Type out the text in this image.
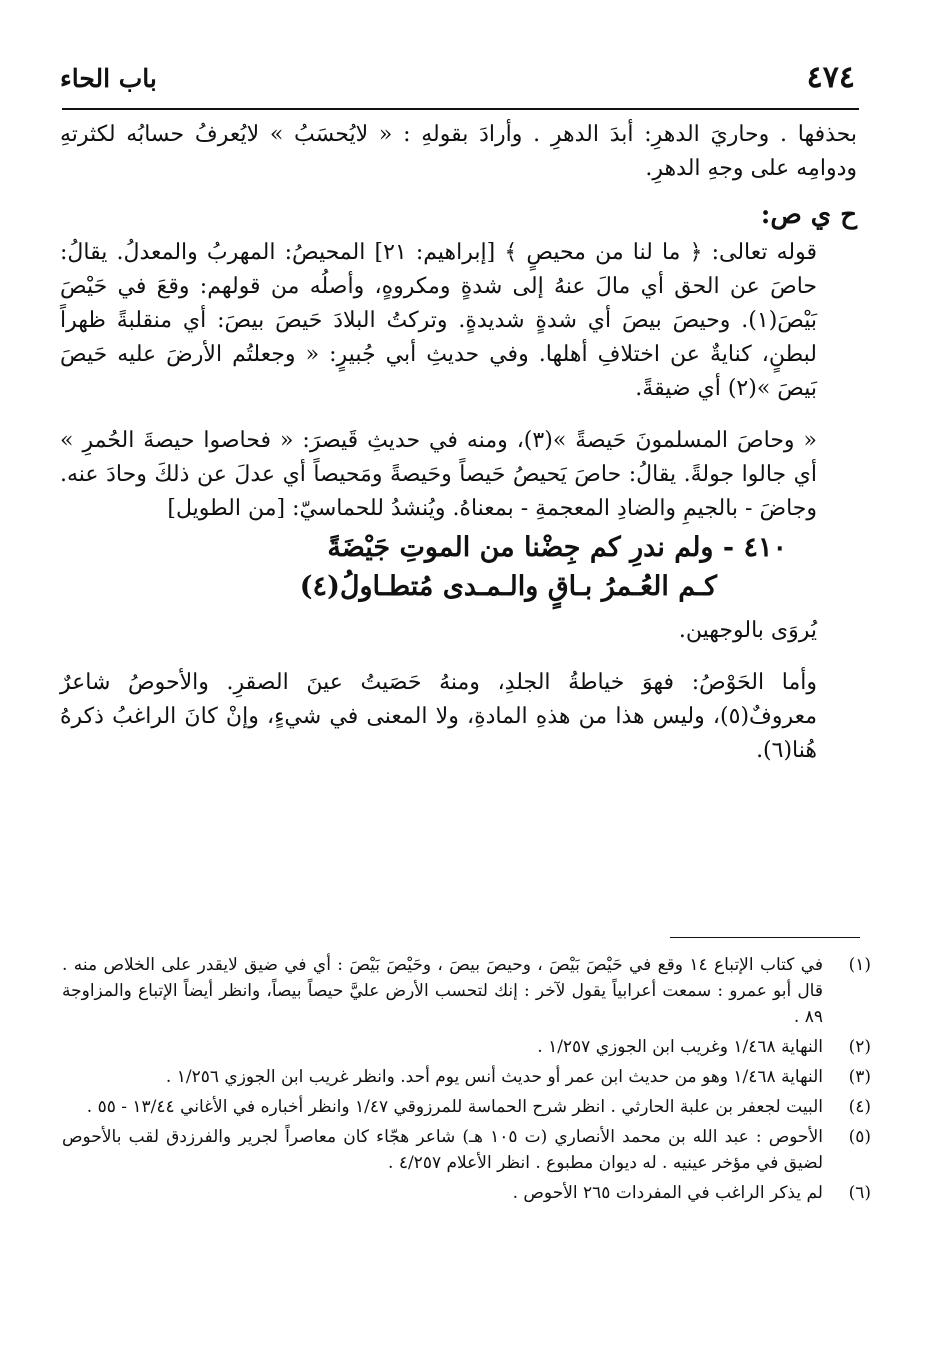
٤٧٤
باب الحاء

بحذفها . وحاريَ الدهرِ: أبدَ الدهرِ . وأرادَ بقولهِ : « لايُحسَبُ » لايُعرفُ حسابُه لكثرتهِ ودوامِه على وجهِ الدهرِ.

ح ي ص:

قوله تعالى: ﴿ ما لنا من محيصٍ ﴾ [إبراهيم: ٢١] المحيصُ: المهربُ والمعدلُ. يقالُ: حاصَ عن الحق أي مالَ عنهُ إلى شدةٍ ومكروهٍ، وأصلُه من قولهم: وقعَ في حَيْصَ بَيْصَ(١). وحيصَ بيصَ أي شدةٍ شديدةٍ. وتركتُ البلادَ حَيصَ بيصَ: أي منقلبةً ظهراً لبطنٍ، كنايةٌ عن اختلافِ أهلها. وفي حديثِ أبي جُبيرٍ: « وجعلتُم الأرضَ عليه حَيصَ بَيصَ »(٢) أي ضيقةً.

« وحاصَ المسلمونَ حَيصةً »(٣)، ومنه في حديثِ قَيصرَ: « فحاصوا حيصةَ الحُمرِ » أي جالوا جولةً. يقالُ: حاصَ يَحيصُ حَيصاً وحَيصةً ومَحيصاً أي عدلَ عن ذلكَ وحادَ عنه. وجاضَ - بالجيمِ والضادِ المعجمةِ - بمعناهُ. ويُنشدُ للحماسيّ: [من الطويل]

٤١٠ - ولم ندرِ كم جِضْنا من الموتِ جَيْضَةً
كـم العُـمرُ بـاقٍ والـمـدى مُتطـاولُ(٤)

يُروَى بالوجهين.

وأما الحَوْصُ: فهوَ خياطةُ الجلدِ، ومنهُ حَصَيتُ عينَ الصقرِ. والأحوصُ شاعرٌ معروفٌ(٥)، وليس هذا من هذهِ المادةِ، ولا المعنى في شيءٍ، وإنْ كانَ الراغبُ ذكرهُ هُنا(٦).

(١)
في كتاب الإتباع ١٤ وقع في حَيْصَ بَيْصَ ، وحيصَ بيصَ ، وحَيْصَ بَيْصَ : أي في ضيق لايقدر على الخلاص منه . قال أبو عمرو : سمعت أعرابياً يقول لآخر : إنك لتحسب الأرض عليَّ حيصاً بيصاً، وانظر أيضاً الإتباع والمزاوجة ٨٩ .
(٢)
النهاية ١/٤٦٨ وغريب ابن الجوزي ١/٢٥٧ .
(٣)
النهاية ١/٤٦٨ وهو من حديث ابن عمر أو حديث أنس يوم أحد. وانظر غريب ابن الجوزي ١/٢٥٦ .
(٤)
البيت لجعفر بن علبة الحارثي . انظر شرح الحماسة للمرزوقي ١/٤٧ وانظر أخباره في الأغاني ١٣/٤٤ - ٥٥ .
(٥)
الأحوص : عبد الله بن محمد الأنصاري (ت ١٠٥ هـ) شاعر هجّاء كان معاصراً لجرير والفرزدق لقب بالأحوص لضيق في مؤخر عينيه . له ديوان مطبوع . انظر الأعلام ٤/٢٥٧ .
(٦)
لم يذكر الراغب في المفردات ٢٦٥ الأحوص .
